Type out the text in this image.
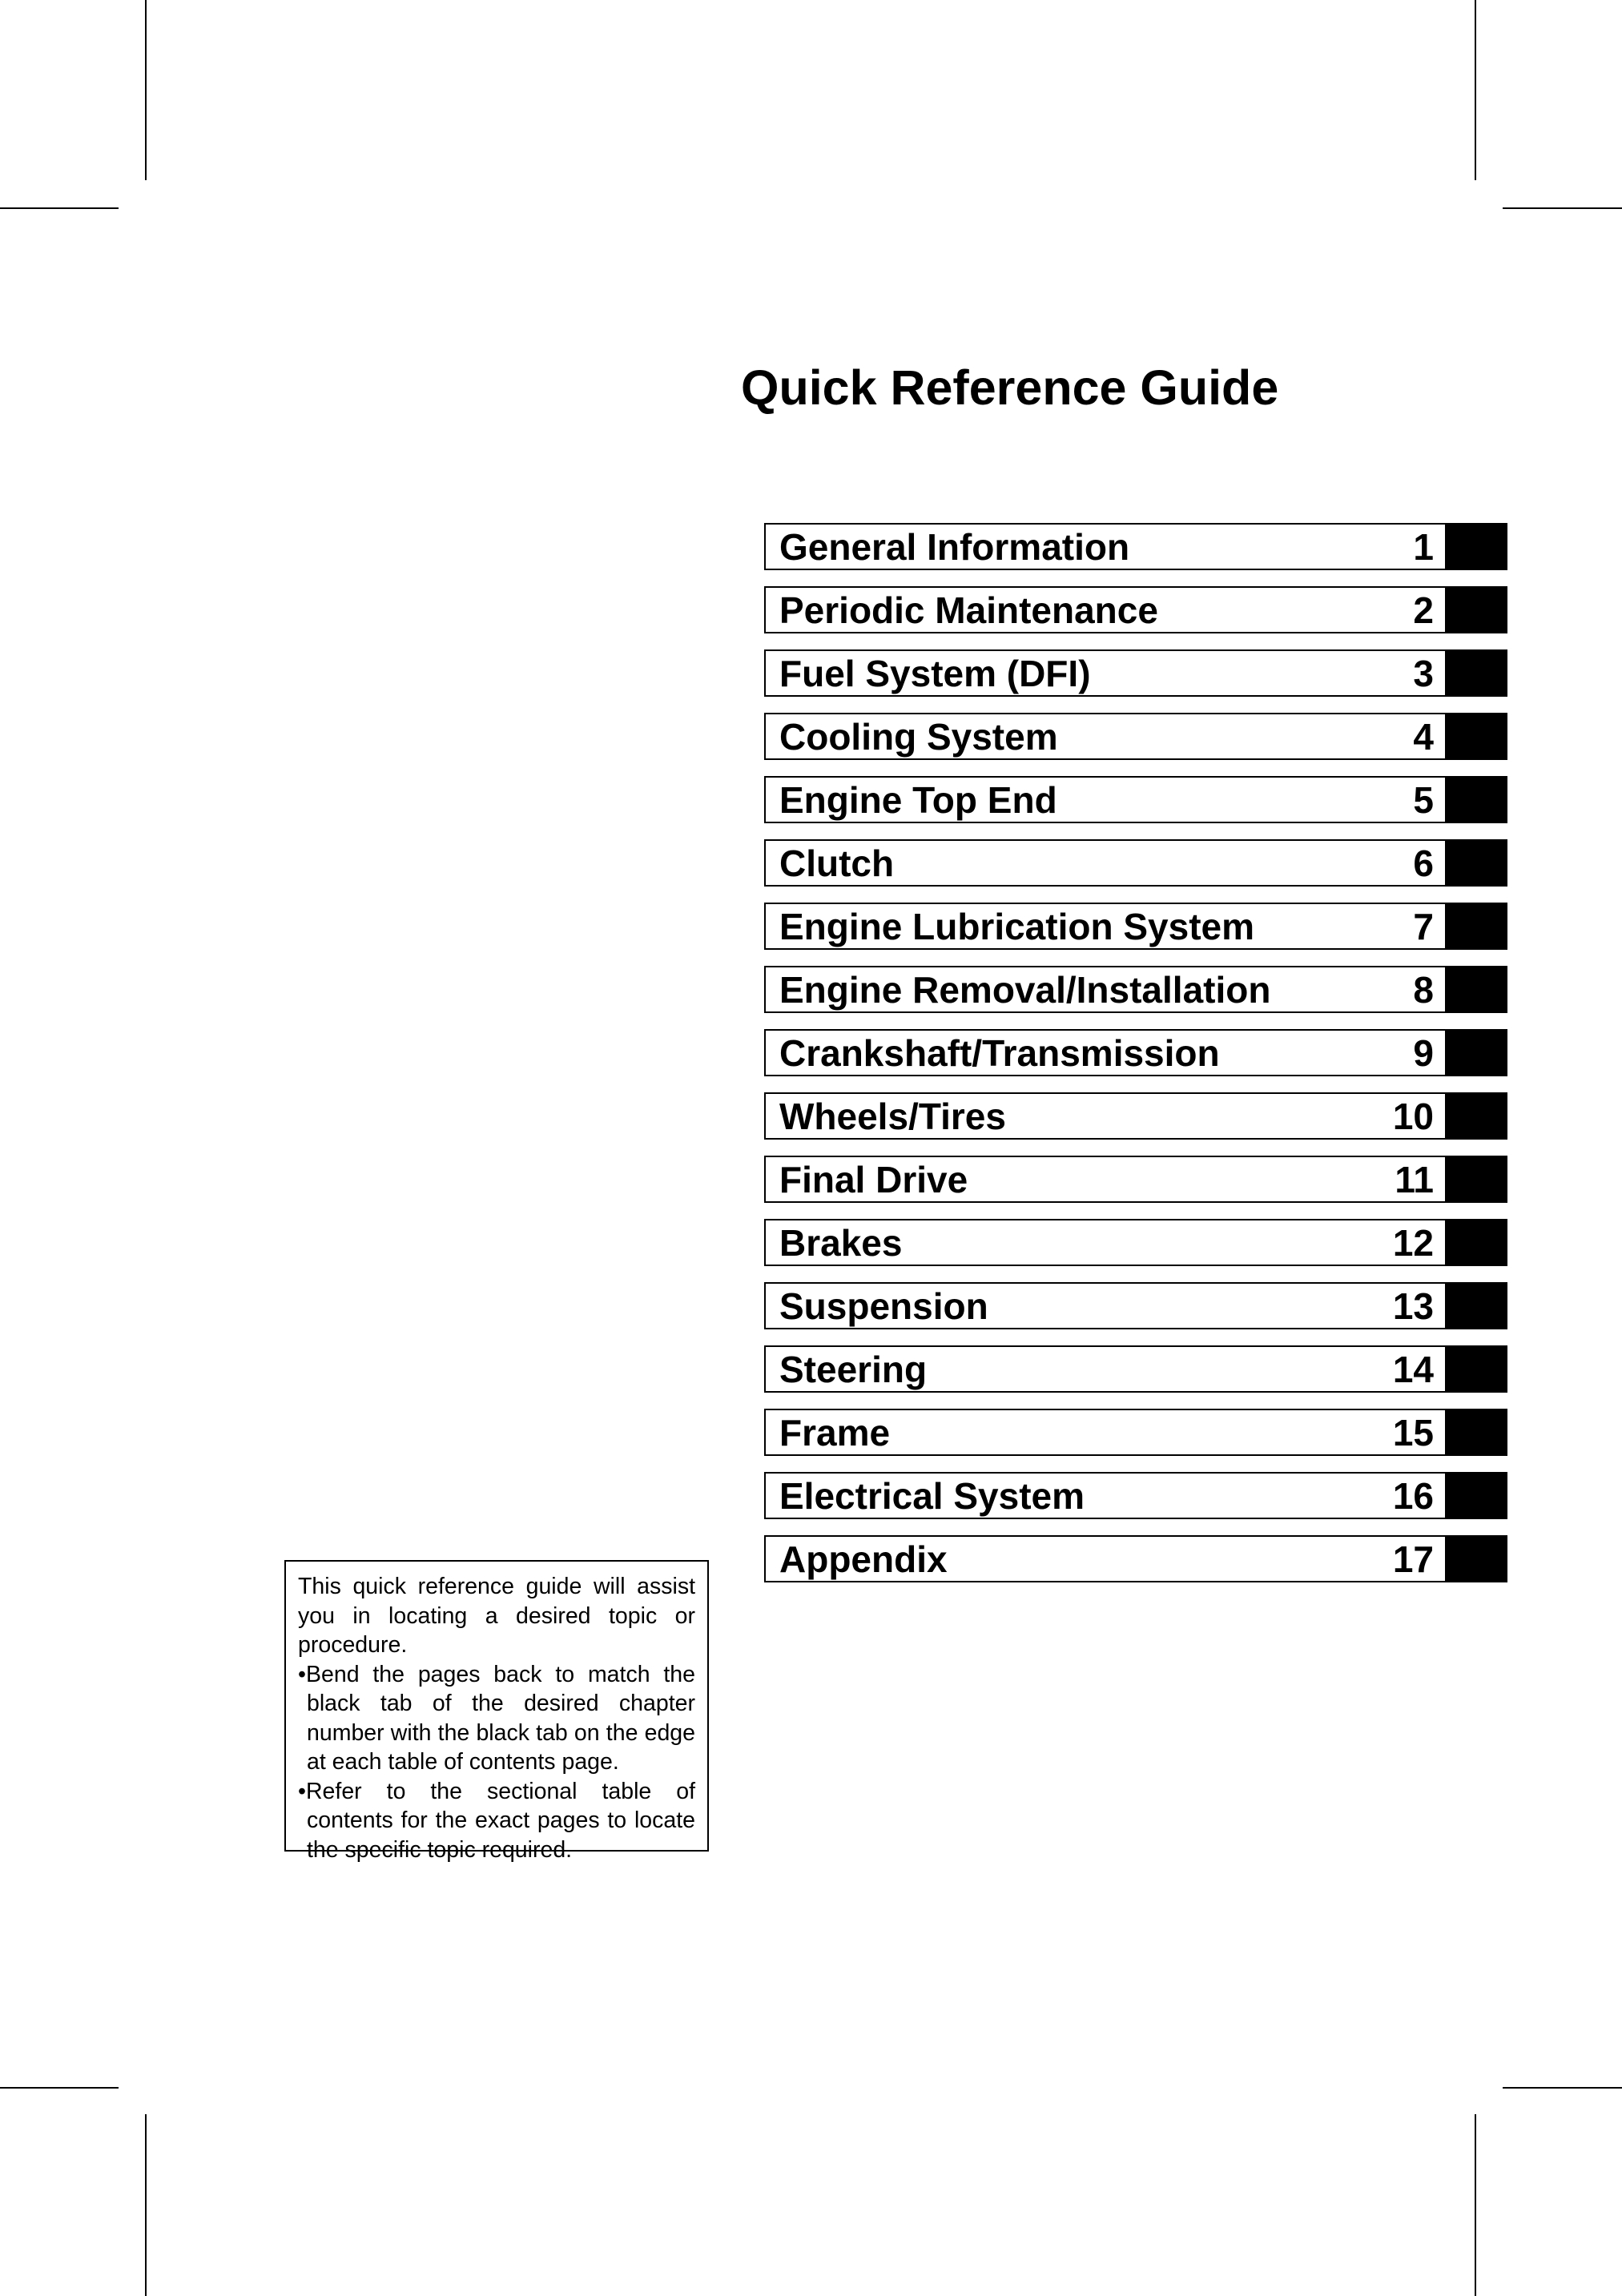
Quick Reference Guide
General Information	1
Periodic Maintenance	2
Fuel System (DFI)	3
Cooling System	4
Engine Top End	5
Clutch	6
Engine Lubrication System	7
Engine Removal/Installation	8
Crankshaft/Transmission	9
Wheels/Tires	10
Final Drive	11
Brakes	12
Suspension	13
Steering	14
Frame	15
Electrical System	16
Appendix	17

This quick reference guide will assist you in locating a desired topic or procedure.

•Bend the pages back to match the black tab of the desired chapter number with the black tab on the edge at each table of contents page.

•Refer to the sectional table of contents for the exact pages to locate the specific topic required.
